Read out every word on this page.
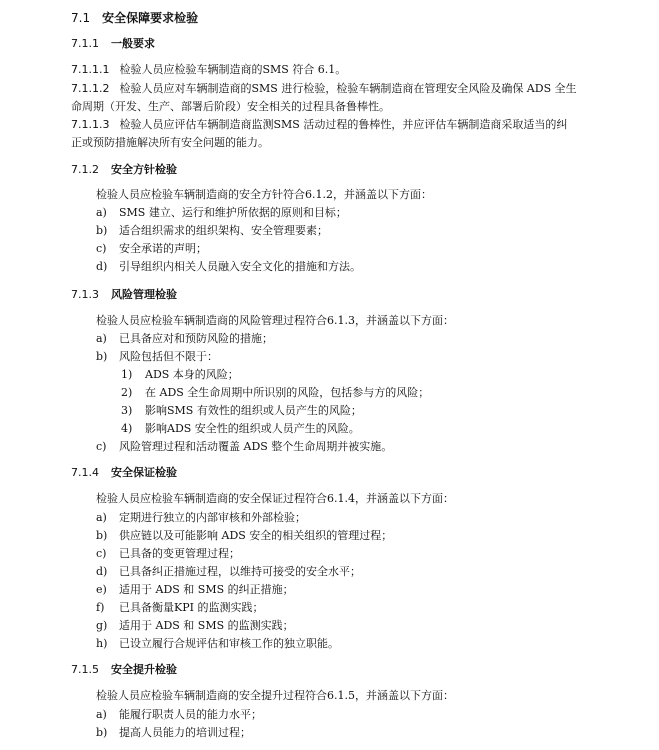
7.1 安全保障要求检验
7.1.1 一般要求
7.1.1.1 检验人员应检验车辆制造商的SMS 符合 6.1。
7.1.1.2 检验人员应对车辆制造商的SMS 进行检验，检验车辆制造商在管理安全风险及确保 ADS 全生
命周期（开发、生产、部署后阶段）安全相关的过程具备鲁棒性。
7.1.1.3 检验人员应评估车辆制造商监测SMS 活动过程的鲁棒性，并应评估车辆制造商采取适当的纠
正或预防措施解决所有安全问题的能力。
7.1.2 安全方针检验
检验人员应检验车辆制造商的安全方针符合6.1.2，并涵盖以下方面：
a) SMS 建立、运行和维护所依据的原则和目标；
b) 适合组织需求的组织架构、安全管理要素；
c) 安全承诺的声明；
d) 引导组织内相关人员融入安全文化的措施和方法。
7.1.3 风险管理检验
检验人员应检验车辆制造商的风险管理过程符合6.1.3，并涵盖以下方面：
a) 已具备应对和预防风险的措施；
b) 风险包括但不限于：
1) ADS 本身的风险；
2) 在 ADS 全生命周期中所识别的风险，包括参与方的风险；
3) 影响SMS 有效性的组织或人员产生的风险；
4) 影响ADS 安全性的组织或人员产生的风险。
c) 风险管理过程和活动覆盖 ADS 整个生命周期并被实施。
7.1.4 安全保证检验
检验人员应检验车辆制造商的安全保证过程符合6.1.4，并涵盖以下方面：
a) 定期进行独立的内部审核和外部检验；
b) 供应链以及可能影响 ADS 安全的相关组织的管理过程；
c) 已具备的变更管理过程；
d) 已具备纠正措施过程，以维持可接受的安全水平；
e) 适用于 ADS 和 SMS 的纠正措施；
f) 已具备衡量KPI 的监测实践；
g) 适用于 ADS 和 SMS 的监测实践；
h) 已设立履行合规评估和审核工作的独立职能。
7.1.5 安全提升检验
检验人员应检验车辆制造商的安全提升过程符合6.1.5，并涵盖以下方面：
a) 能履行职责人员的能力水平；
b) 提高人员能力的培训过程；
